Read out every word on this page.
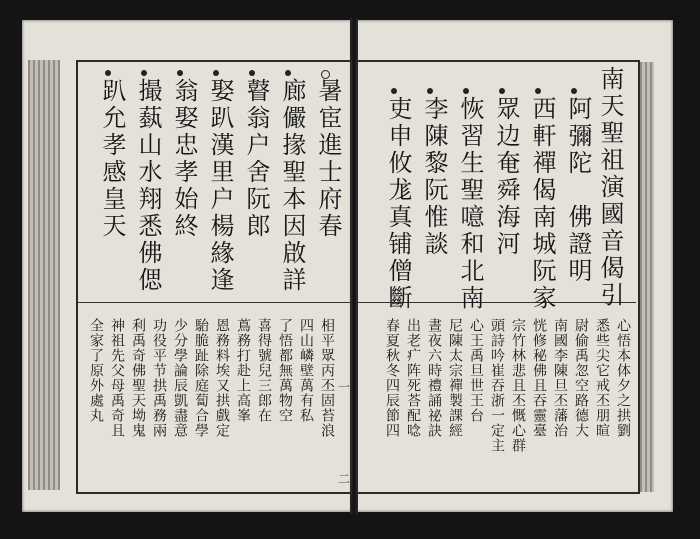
阿彌陀　佛證明
西軒禪偈南城阮家
眾边奄舜海河
恢習生聖噫和北南
李陳黎阮惟談
吏申攸尨真铺僧斷
心悟本体夕之拱劉
悉些尖它戒丕朋暄
尉偷禹忽空路德大
南國李陳旦丕藩治
恍修秘佛且吞靈臺
宗竹林悲且丕慨心群
頭詩吟崔吞浙一定主
心王禹旦世王台
尼陳太宗禪製課經
晝夜六時禮誦祕訣
出老疒阵死荅配唸
春夏秋冬四辰節四
暑宦進士府春
廊儼掾聖本因啟詳
瞽翁户舍阮郎
娶趴漢里户楊緣逢
翁娶忠孝始終
撮蓺山水翔悉佛偲
趴允孝感皇天
相平眾丙丕固苔浪
四山嶙壁萬有私
了悟都無萬物空
喜得號兒三郎在
蔦務打赴上高峯
恩務料埃又拱戲定
駘脆趾除庭蔔合學
少分學論辰凱盡意
功役平节拱禹務兩
利禹奇佛聖天坳鬼
神祖先父母禹奇且
全家了原外處丸
南天聖祖演國音偈引
一
二
